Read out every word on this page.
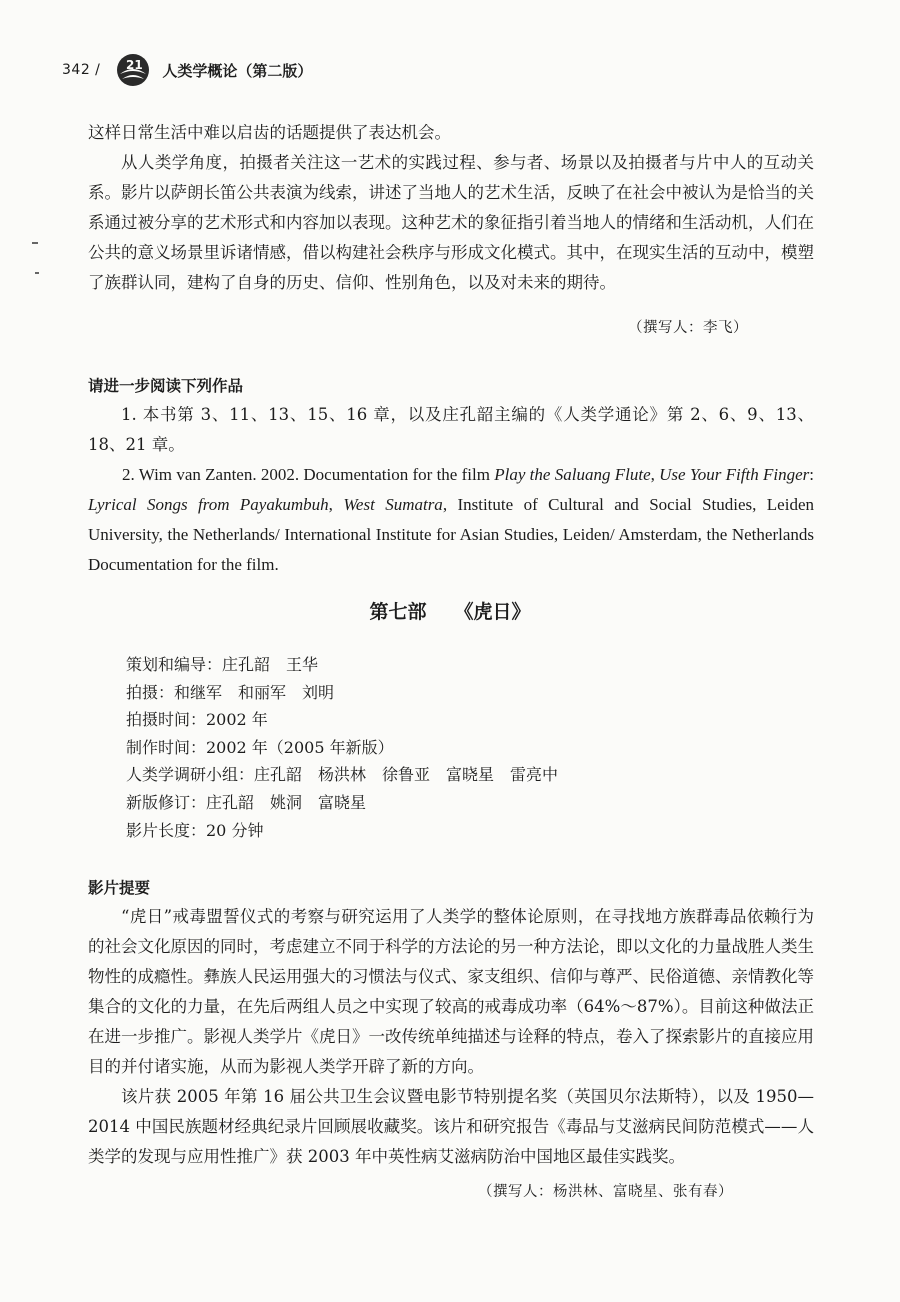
342 / 21 人类学概论（第二版）

这样日常生活中难以启齿的话题提供了表达机会。

从人类学角度，拍摄者关注这一艺术的实践过程、参与者、场景以及拍摄者与片中人的互动关系。影片以萨朗长笛公共表演为线索，讲述了当地人的艺术生活，反映了在社会中被认为是恰当的关系通过被分享的艺术形式和内容加以表现。这种艺术的象征指引着当地人的情绪和生活动机，人们在公共的意义场景里诉诸情感，借以构建社会秩序与形成文化模式。其中，在现实生活的互动中，模塑了族群认同，建构了自身的历史、信仰、性别角色，以及对未来的期待。

（撰写人：李飞）
请进一步阅读下列作品

1. 本书第 3、11、13、15、16 章，以及庄孔韶主编的《人类学通论》第 2、6、9、13、18、21 章。

2. Wim van Zanten. 2002. Documentation for the film Play the Saluang Flute, Use Your Fifth Finger: Lyrical Songs from Payakumbuh, West Sumatra, Institute of Cultural and Social Studies, Leiden University, the Netherlands/ International Institute for Asian Studies, Leiden/ Amsterdam, the Netherlands Documentation for the film.

第七部 《虎日》
策划和编导：庄孔韶　王华
拍摄：和继军　和丽军　刘明
拍摄时间：2002 年
制作时间：2002 年（2005 年新版）
人类学调研小组：庄孔韶　杨洪林　徐鲁亚　富晓星　雷亮中
新版修订：庄孔韶　姚洞　富晓星
影片长度：20 分钟
影片提要

“虎日”戒毒盟誓仪式的考察与研究运用了人类学的整体论原则，在寻找地方族群毒品依赖行为的社会文化原因的同时，考虑建立不同于科学的方法论的另一种方法论，即以文化的力量战胜人类生物性的成瘾性。彝族人民运用强大的习惯法与仪式、家支组织、信仰与尊严、民俗道德、亲情教化等集合的文化的力量，在先后两组人员之中实现了较高的戒毒成功率（64%～87%）。目前这种做法正在进一步推广。影视人类学片《虎日》一改传统单纯描述与诠释的特点，卷入了探索影片的直接应用目的并付诸实施，从而为影视人类学开辟了新的方向。

该片获 2005 年第 16 届公共卫生会议暨电影节特别提名奖（英国贝尔法斯特），以及 1950—2014 中国民族题材经典纪录片回顾展收藏奖。该片和研究报告《毒品与艾滋病民间防范模式——人类学的发现与应用性推广》获 2003 年中英性病艾滋病防治中国地区最佳实践奖。

（撰写人：杨洪林、富晓星、张有春）
